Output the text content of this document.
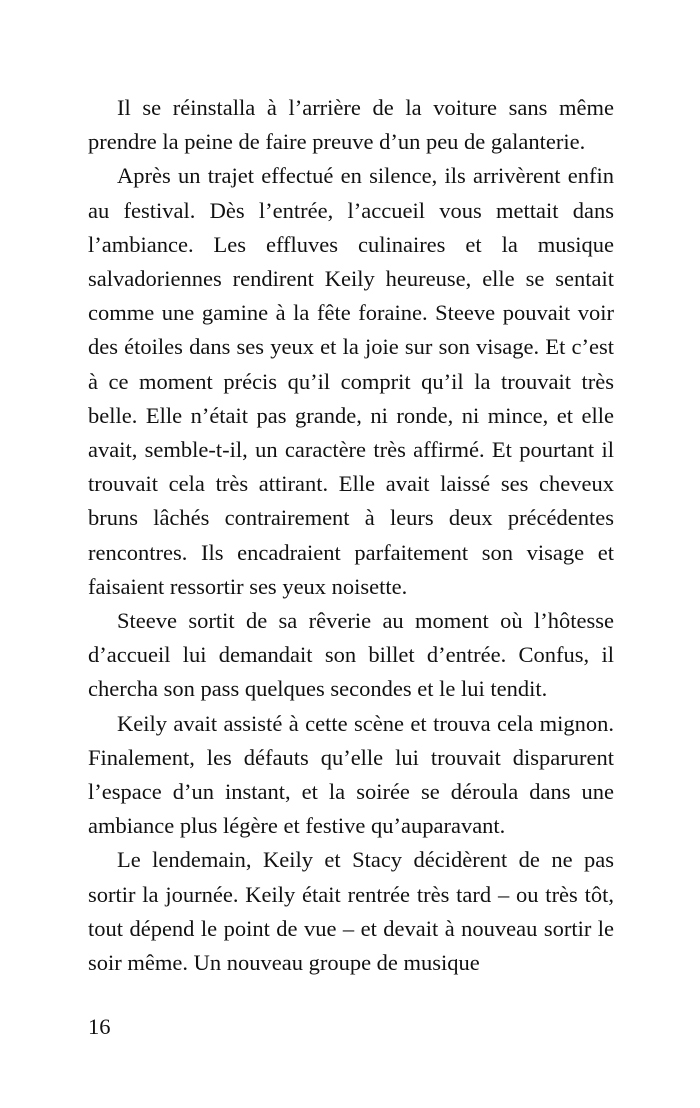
Il se réinstalla à l’arrière de la voiture sans même prendre la peine de faire preuve d’un peu de galanterie.

Après un trajet effectué en silence, ils arrivèrent enfin au festival. Dès l’entrée, l’accueil vous mettait dans l’ambiance. Les effluves culinaires et la musique salvadoriennes rendirent Keily heureuse, elle se sentait comme une gamine à la fête foraine. Steeve pouvait voir des étoiles dans ses yeux et la joie sur son visage. Et c’est à ce moment précis qu’il comprit qu’il la trouvait très belle. Elle n’était pas grande, ni ronde, ni mince, et elle avait, semble-t-il, un caractère très affirmé. Et pourtant il trouvait cela très attirant. Elle avait laissé ses cheveux bruns lâchés contrairement à leurs deux précédentes rencontres. Ils encadraient parfaitement son visage et faisaient ressortir ses yeux noisette.

Steeve sortit de sa rêverie au moment où l’hôtesse d’accueil lui demandait son billet d’entrée. Confus, il chercha son pass quelques secondes et le lui tendit.

Keily avait assisté à cette scène et trouva cela mignon. Finalement, les défauts qu’elle lui trouvait disparurent l’espace d’un instant, et la soirée se déroula dans une ambiance plus légère et festive qu’auparavant.

Le lendemain, Keily et Stacy décidèrent de ne pas sortir la journée. Keily était rentrée très tard – ou très tôt, tout dépend le point de vue – et devait à nouveau sortir le soir même. Un nouveau groupe de musique

16
